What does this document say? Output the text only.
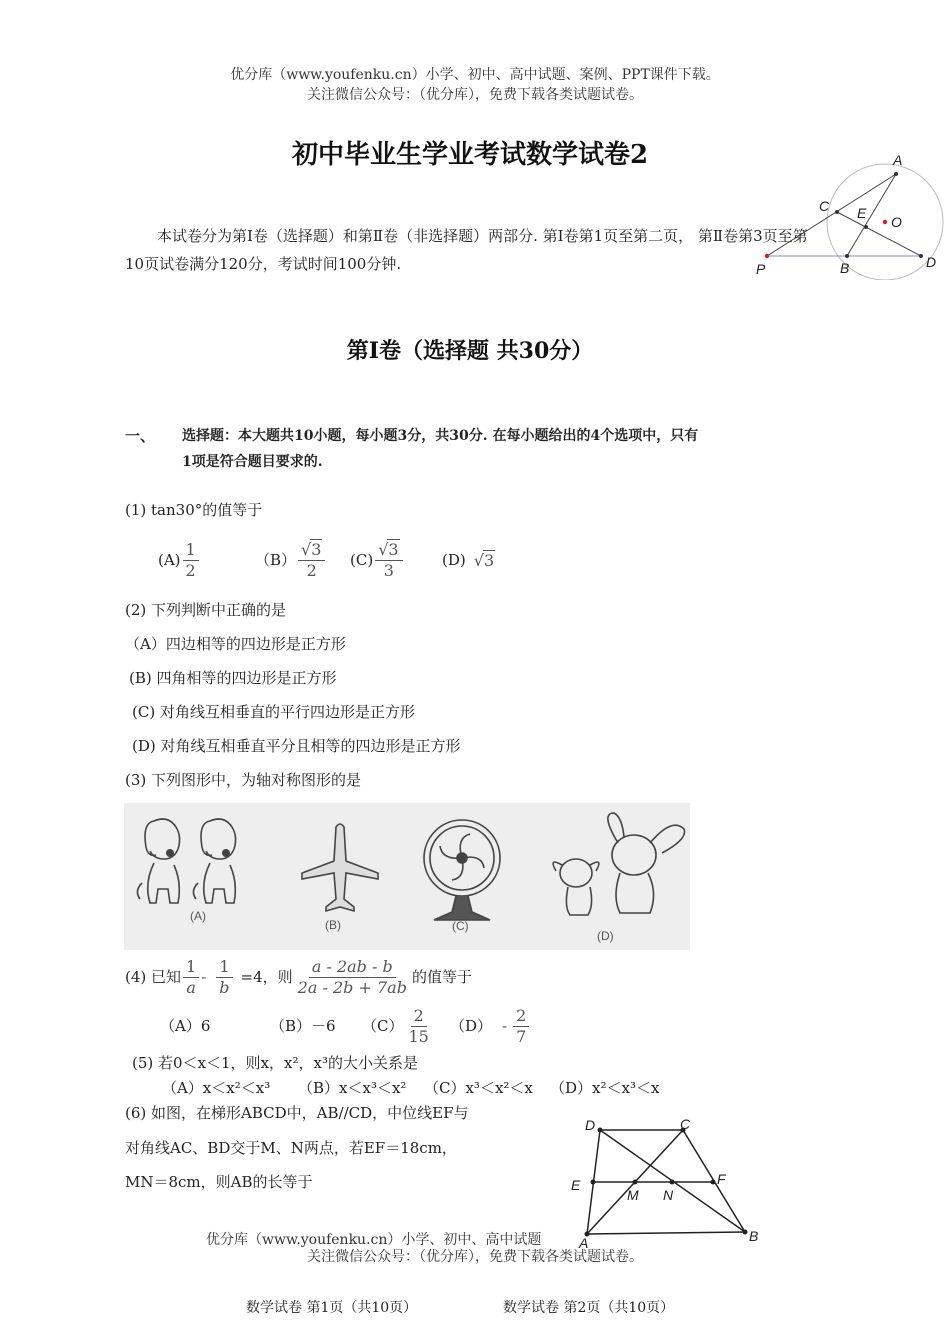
优分库（www.youfenku.cn）小学、初中、高中试题、案例、PPT课件下载。
关注微信公众号：（优分库），免费下载各类试题试卷。
初中毕业生学业考试数学试卷2	A
C E
O
P	B	D
本试卷分为第Ⅰ卷（选择题）和第Ⅱ卷（非选择题）两部分. 第Ⅰ卷第1页至第二页， 第Ⅱ卷第3页至第10页试卷满分120分，考试时间100分钟.
第Ⅰ卷（选择题 共30分）
一、 选择题：本大题共10小题，每小题3分，共30分. 在每小题给出的4个选项中，只有
1项是符合题目要求的.
(1) tan30°的值等于
$(A) \frac{1}{2}$	$(B) \frac{√3}{2} (C) \frac{√3}{3}$	(D) √3
(2) 下列判断中正确的是
（A）四边相等的四边形是正方形
(B) 四角相等的四边形是正方形
(C) 对角线互相垂直的平行四边形是正方形
(D) 对角线互相垂直平分且相等的四边形是正方形
(3) 下列图形中，为轴对称图形的是
(A)
(B)	(C)
(D)
(4) 已知 $\frac{1}{a} - \frac{1}{b} =4$，则 $\frac{a - 2ab - b}{2a - 2b + 7ab}$ 的值等于
（A）6	（B）－6 $(C) \frac{2}{15} (D) - \frac{2}{7}$
(5) 若0＜x＜1，则x，x²，x³的大小关系是
（A）x＜x²＜x³ （B）x＜x³＜x² （C）x³＜x²＜x （D）x²＜x³＜x
(6) 如图，在梯形ABCD中，AB//CD，中位线EF与
对角线AC、BD交于M、N两点，若EF＝18cm，
MN＝8cm，则AB的长等于
D	C
E	F
M N
A	B
优分库（www.youfenku.cn）小学、初中、高中试题
关注微信公众号：（优分库），免费下载各类试题试卷。
数学试卷 第1页（共10页）	数学试卷 第2页（共10页）
